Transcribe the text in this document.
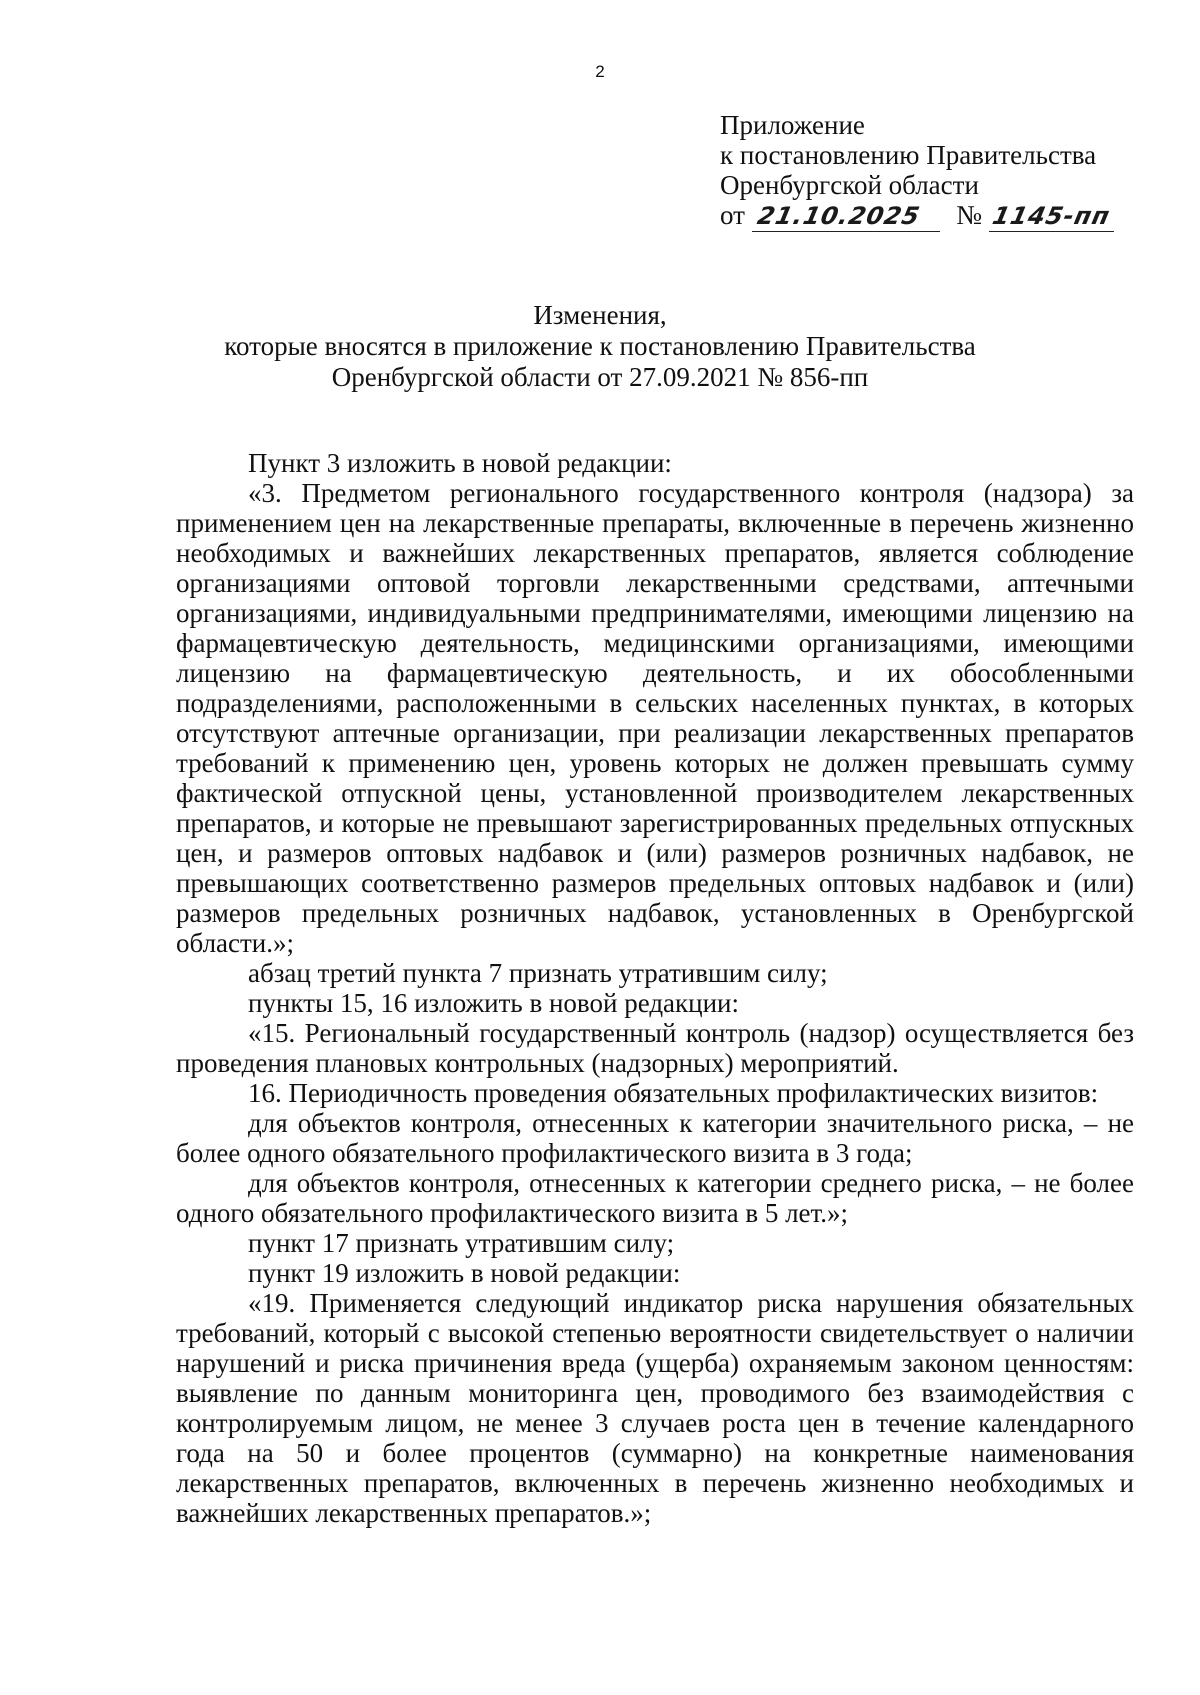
2
Приложение
к постановлению Правительства
Оренбургской области
от 21.10.2025 № 1145-пп
Изменения,
которые вносятся в приложение к постановлению Правительства
Оренбургской области от 27.09.2021 № 856-пп

Пункт 3 изложить в новой редакции:

«3. Предметом регионального государственного контроля (надзора) за применением цен на лекарственные препараты, включенные в перечень жизненно необходимых и важнейших лекарственных препаратов, является соблюдение организациями оптовой торговли лекарственными средствами, аптечными организациями, индивидуальными предпринимателями, имеющими лицензию на фармацевтическую деятельность, медицинскими организациями, имеющими лицензию на фармацевтическую деятельность, и их обособленными подразделениями, расположенными в сельских населенных пунктах, в которых отсутствуют аптечные организации, при реализации лекарственных препаратов требований к применению цен, уровень которых не должен превышать сумму фактической отпускной цены, установленной производителем лекарственных препаратов, и которые не превышают зарегистрированных предельных отпускных цен, и размеров оптовых надбавок и (или) размеров розничных надбавок, не превышающих соответственно размеров предельных оптовых надбавок и (или) размеров предельных розничных надбавок, установленных в Оренбургской области.»;

абзац третий пункта 7 признать утратившим силу;

пункты 15, 16 изложить в новой редакции:

«15. Региональный государственный контроль (надзор) осуществляется без проведения плановых контрольных (надзорных) мероприятий.

16. Периодичность проведения обязательных профилактических визитов:

для объектов контроля, отнесенных к категории значительного риска, – не более одного обязательного профилактического визита в 3 года;

для объектов контроля, отнесенных к категории среднего риска, – не более одного обязательного профилактического визита в 5 лет.»;

пункт 17 признать утратившим силу;

пункт 19 изложить в новой редакции:

«19. Применяется следующий индикатор риска нарушения обязательных требований, который с высокой степенью вероятности свидетельствует о наличии нарушений и риска причинения вреда (ущерба) охраняемым законом ценностям: выявление по данным мониторинга цен, проводимого без взаимодействия с контролируемым лицом, не менее 3 случаев роста цен в течение календарного года на 50 и более процентов (суммарно) на конкретные наименования лекарственных препаратов, включенных в перечень жизненно необходимых и важнейших лекарственных препаратов.»;
